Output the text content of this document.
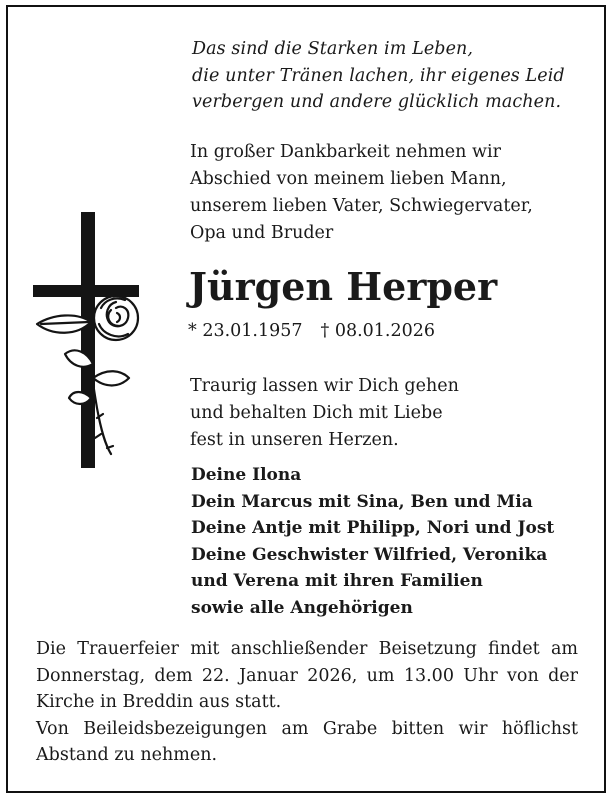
Das sind die Starken im Leben,
die unter Tränen lachen, ihr eigenes Leid
verbergen und andere glücklich machen.

In großer Dankbarkeit nehmen wir
Abschied von meinem lieben Mann,
unserem lieben Vater, Schwiegervater,
Opa und Bruder

Jürgen Herper
* 23.01.1957 † 08.01.2026

Traurig lassen wir Dich gehen
und behalten Dich mit Liebe
fest in unseren Herzen.

Deine Ilona
Dein Marcus mit Sina, Ben und Mia
Deine Antje mit Philipp, Nori und Jost
Deine Geschwister Wilfried, Veronika
und Verena mit ihren Familien
sowie alle Angehörigen

Die Trauerfeier mit anschließender Beisetzung findet am
Donnerstag, dem 22. Januar 2026, um 13.00 Uhr von der
Kirche in Breddin aus statt.
Von Beileidsbezeigungen am Grabe bitten wir höflichst
Abstand zu nehmen.
